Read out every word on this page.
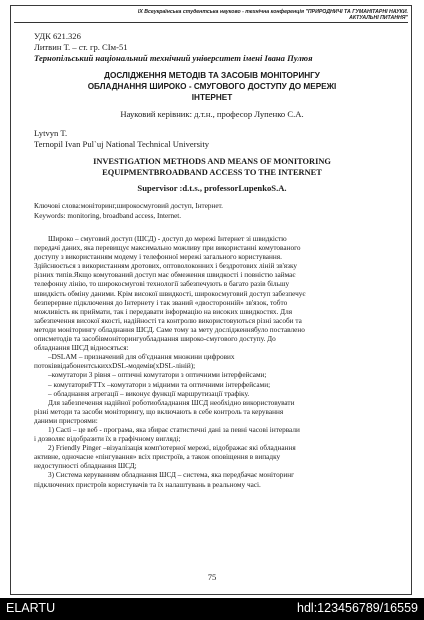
IX Всеукраїнська студентська науково - технічна конференція "ПРИРОДНИЧІ ТА ГУМАНІТАРНІ НАУКИ.
АКТУАЛЬНІ ПИТАННЯ"

УДК 621.326

Литвин Т. – ст. гр. СІм-51

Тернопільський національний технічний університет імені Івана Пулюя

ДОСЛІДЖЕННЯ МЕТОДІВ ТА ЗАСОБІВ МОНІТОРИНГУ
ОБЛАДНАННЯ ШИРОКО - СМУГОВОГО ДОСТУПУ ДО МЕРЕЖІ
ІНТЕРНЕТ

Науковий керівник: д.т.н., професор Лупенко С.А.

Lytvyn T.
Ternopil Ivan Pul`uj National Technical University
INVESTIGATION METHODS AND MEANS OF MONITORING
EQUIPMENTBROADBAND ACCESS TO THE INTERNET

Supervisor :d.t.s., professorLupenkoS.A.

Ключові слова:моніторинг,широкосмуговий доступ, Інтернет.
Keywords: monitoring, broadband access, Internet.

Широко – смуговий доступ (ШСД) - доступ до мережі Інтернет зі швидкістю

передачі даних, яка перевищує максимально можливу при використанні комутованого

доступу з використанням модему і телефонної мережі загального користування.

Здійснюється з використанням дротових, оптоволоконних і бездротових ліній зв'язку

різних типів.Якщо комутований доступ має обмеження швидкості і повністю займає

телефонну лінію, то широкосмугові технології забезпечують в багато разів більшу

швидкість обміну даними. Крім високої швидкості, широкосмуговий доступ забезпечує

безперервне підключення до Інтернету і так званий «двосторонній» зв'язок, тобто

можливість як приймати, так і передавати інформацію на високих швидкостях. Для

забезпечення високої якості, надійності та контролю використовуються різні засоби та

методи моніторингу обладнання ШСД. Саме тому за мету дослідженнябуло поставлено

описметодів та засобівмоніторингуобладнання широко-смугового доступу. До

обладнання ШСД відносяться:

–DSLAM – призначений для об'єднання множини цифрових

потоківвідабонентськихxDSL-модемів(xDSL-ліній);

–комутатори 3 рівня – оптичні комутатори з оптичними інтерфейсами;

– комутаториFTTx –комутатори з мідними та оптичними інтерфейсами;

– обладнання агрегації – виконує функції маршрутизації трафіку.

Для забезпечення надійної роботиобладнання ШСД необхідно використовувати

різні методи та засоби моніторингу, що включають в себе контроль та керування

даними пристроями:

1) Cacti – це веб - програма, яка збирає статистичні дані за певні часові інтервали

і дозволяє відобразити їх в графічному вигляді;

2) Friendly Pinger –візуалізація комп'ютерної мережі, відображає які обладнання

активне, одночасне «пінгування» всіх пристроїв, а також оповіщення в випадку

недоступності обладнання ШСД;

3) Система керуванням обладнання ШСД – система, яка передбачає моніторинг

підключених пристроїв користувачів та їх налаштувань в реальному часі.

75
ELARTU	hdl:123456789/16559
